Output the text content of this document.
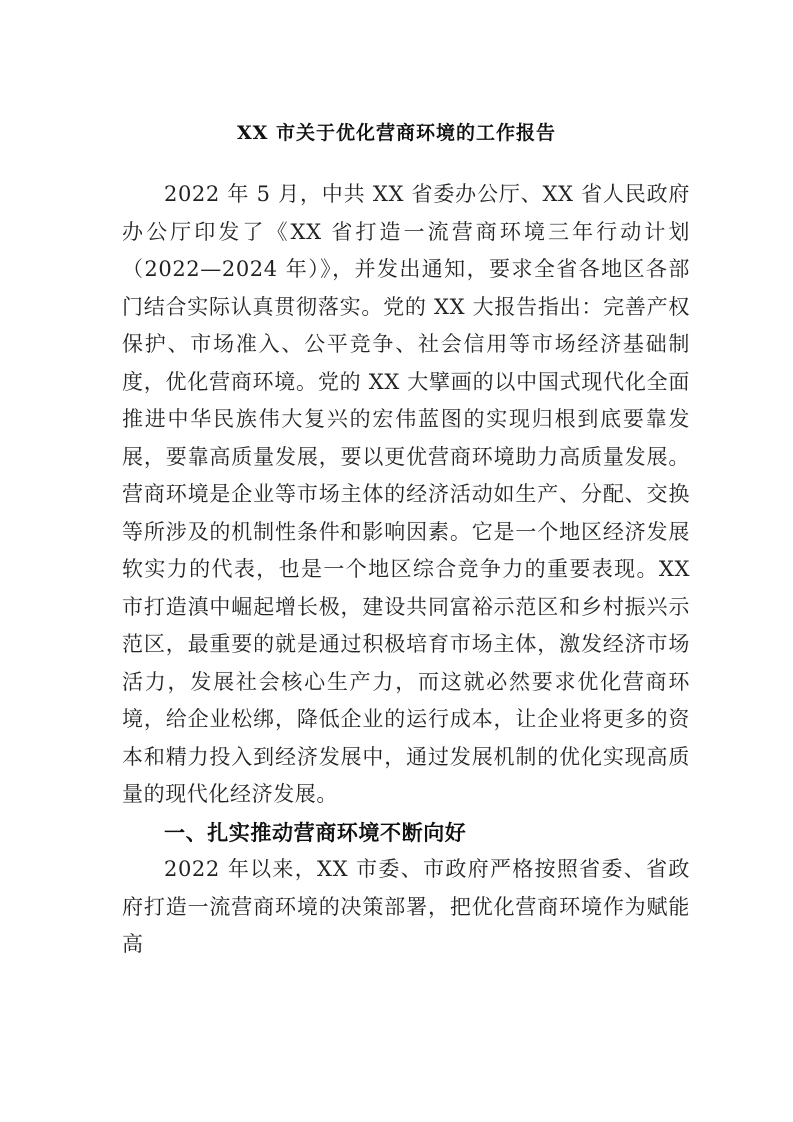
XX 市关于优化营商环境的工作报告

2022 年 5 月，中共 XX 省委办公厅、XX 省人民政府办公厅印发了《XX 省打造一流营商环境三年行动计划（2022—2024 年）》，并发出通知，要求全省各地区各部门结合实际认真贯彻落实。党的 XX 大报告指出：完善产权保护、市场准入、公平竞争、社会信用等市场经济基础制度，优化营商环境。党的 XX 大擘画的以中国式现代化全面推进中华民族伟大复兴的宏伟蓝图的实现归根到底要靠发展，要靠高质量发展，要以更优营商环境助力高质量发展。营商环境是企业等市场主体的经济活动如生产、分配、交换等所涉及的机制性条件和影响因素。它是一个地区经济发展软实力的代表，也是一个地区综合竞争力的重要表现。XX 市打造滇中崛起增长极，建设共同富裕示范区和乡村振兴示范区，最重要的就是通过积极培育市场主体，激发经济市场活力，发展社会核心生产力，而这就必然要求优化营商环境，给企业松绑，降低企业的运行成本，让企业将更多的资本和精力投入到经济发展中，通过发展机制的优化实现高质量的现代化经济发展。

一、扎实推动营商环境不断向好

2022 年以来，XX 市委、市政府严格按照省委、省政府打造一流营商环境的决策部署，把优化营商环境作为赋能高
